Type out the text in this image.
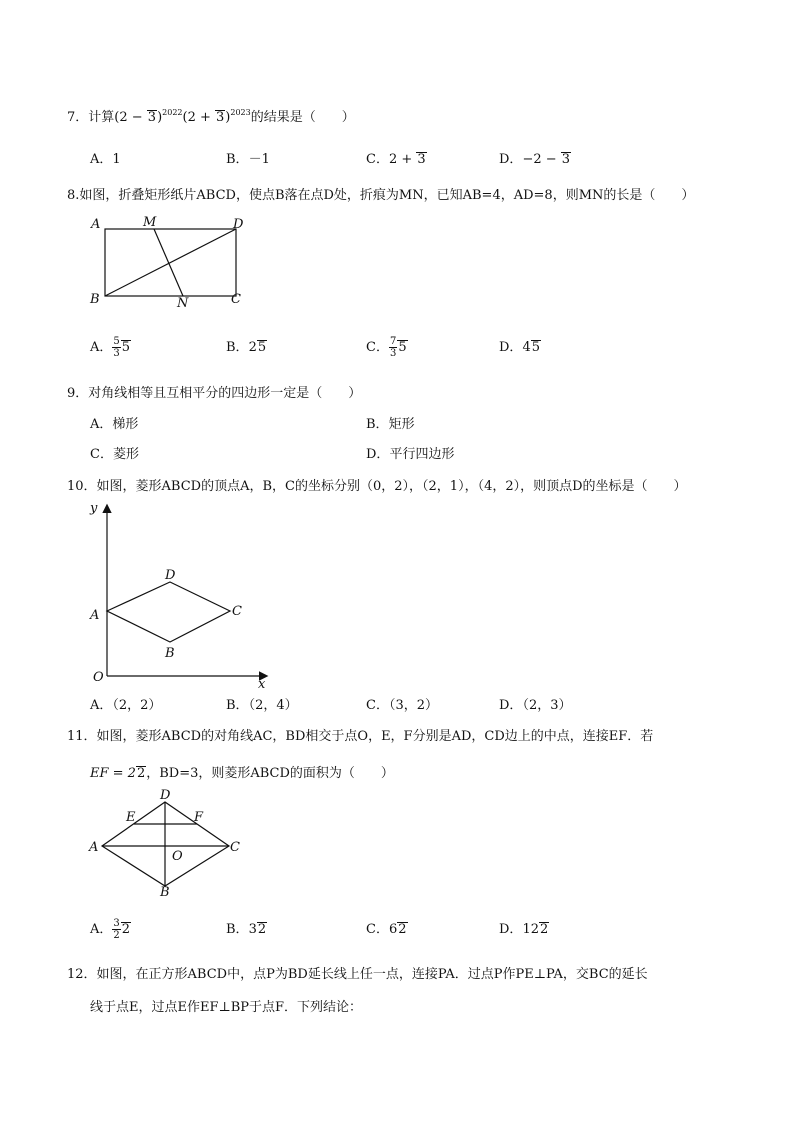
7．计算$(2 - 3)^{2022}(2 + 3)^{2023}$的结果是（　　）
A．1	B．－1	C．2 + 3	D．−2 − 3
8.如图，折叠矩形纸片ABCD，使点B落在点D处，折痕为MN，已知AB=4，AD=8，则MN的长是（　　）
A	M	D
B	N	C
A． $\frac{5}{3} 5$	B．25	C． $\frac{7}{3} 5$	D．45
9．对角线相等且互相平分的四边形一定是（　　）
A．梯形	B．矩形
C．菱形	D．平行四边形
10．如图，菱形ABCD的顶点A，B，C的坐标分别（0，2），（2，1），（4，2），则顶点D的坐标是（　　）
y
D
A	C
B
O	x
A．（2，2）	B．（2，4）	C．（3，2）	D．（2，3）
11．如图，菱形ABCD的对角线AC，BD相交于点O，E，F分别是AD，CD边上的中点，连接EF．若
EF = 22，BD=3，则菱形ABCD的面积为（　　）
D
E	F
A
O
C
B
A． $\frac{3}{2} 2$	B．32	C．62	D．122
12．如图，在正方形ABCD中，点P为BD延长线上任一点，连接PA．过点P作PE⊥PA，交BC的延长
线于点E，过点E作EF⊥BP于点F．下列结论：
